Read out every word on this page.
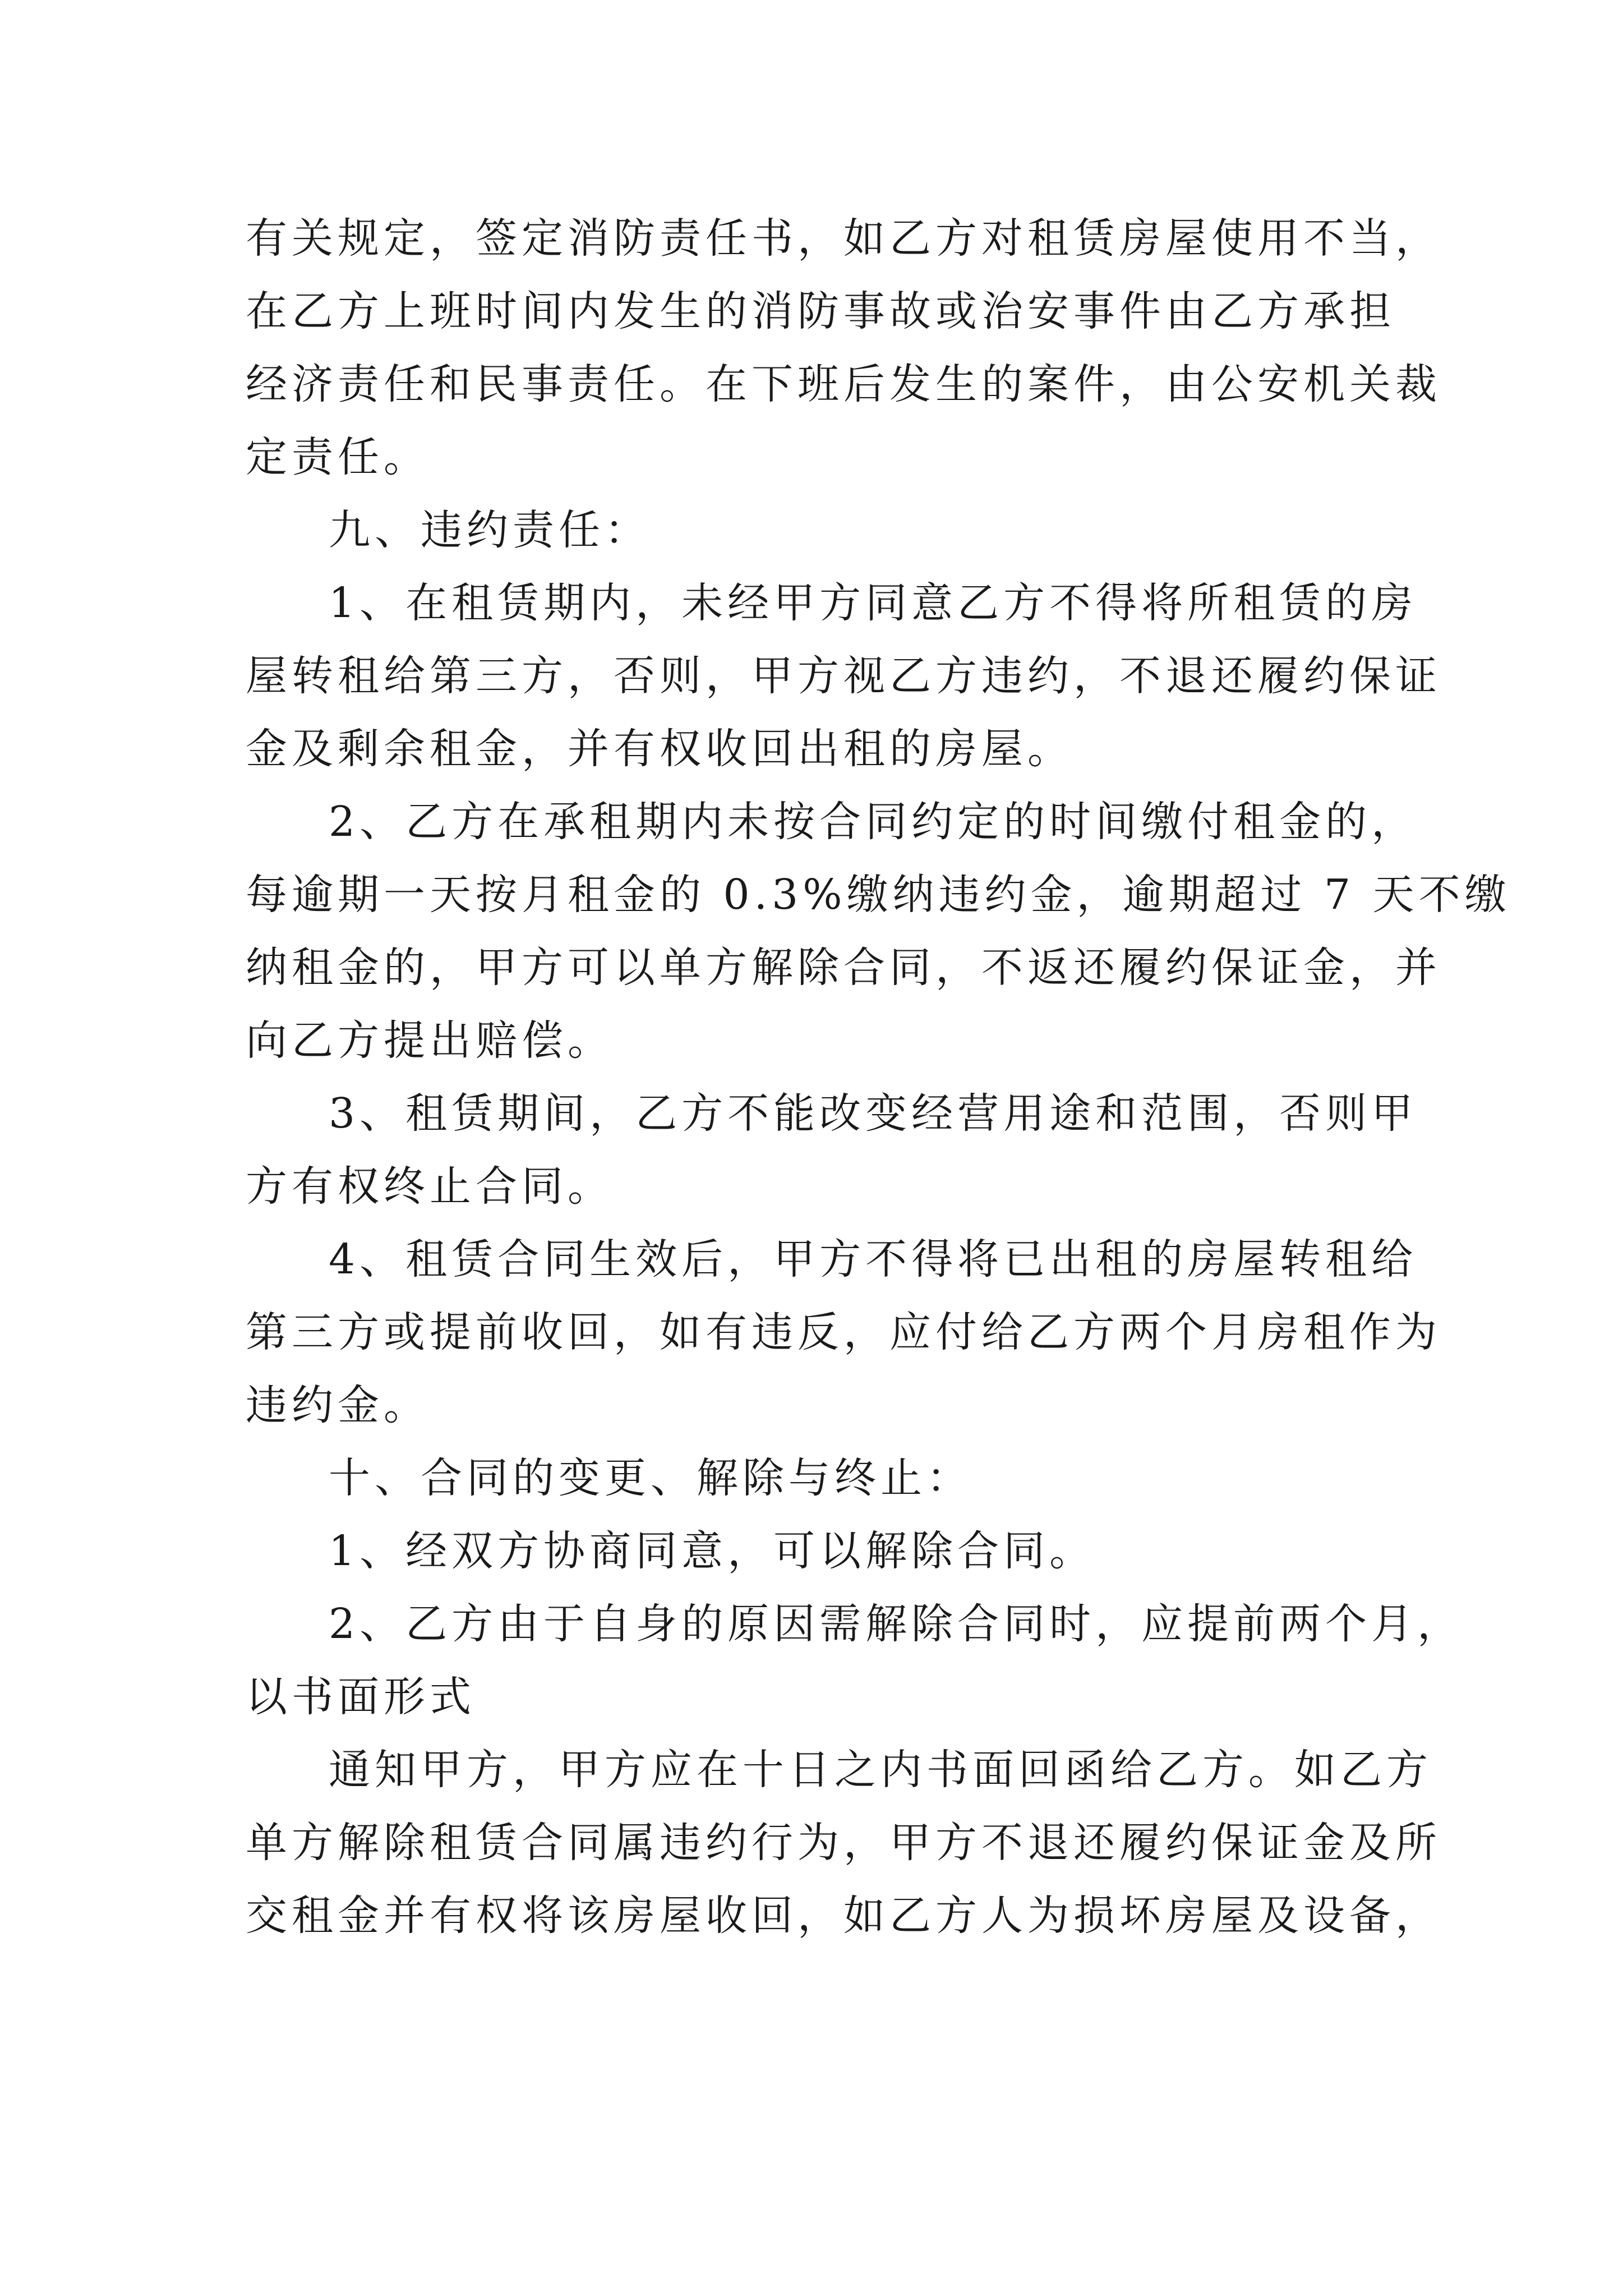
有关规定，签定消防责任书，如乙方对租赁房屋使用不当，
在乙方上班时间内发生的消防事故或治安事件由乙方承担
经济责任和民事责任。在下班后发生的案件，由公安机关裁
定责任。
九、违约责任：
1、在租赁期内，未经甲方同意乙方不得将所租赁的房
屋转租给第三方，否则，甲方视乙方违约，不退还履约保证
金及剩余租金，并有权收回出租的房屋。
2、乙方在承租期内未按合同约定的时间缴付租金的，
每逾期一天按月租金的 0.3%缴纳违约金，逾期超过 7 天不缴
纳租金的，甲方可以单方解除合同，不返还履约保证金，并
向乙方提出赔偿。
3、租赁期间，乙方不能改变经营用途和范围，否则甲
方有权终止合同。
4、租赁合同生效后，甲方不得将已出租的房屋转租给
第三方或提前收回，如有违反，应付给乙方两个月房租作为
违约金。
十、合同的变更、解除与终止：
1、经双方协商同意，可以解除合同。
2、乙方由于自身的原因需解除合同时，应提前两个月，
以书面形式
通知甲方，甲方应在十日之内书面回函给乙方。如乙方
单方解除租赁合同属违约行为，甲方不退还履约保证金及所
交租金并有权将该房屋收回，如乙方人为损坏房屋及设备，
